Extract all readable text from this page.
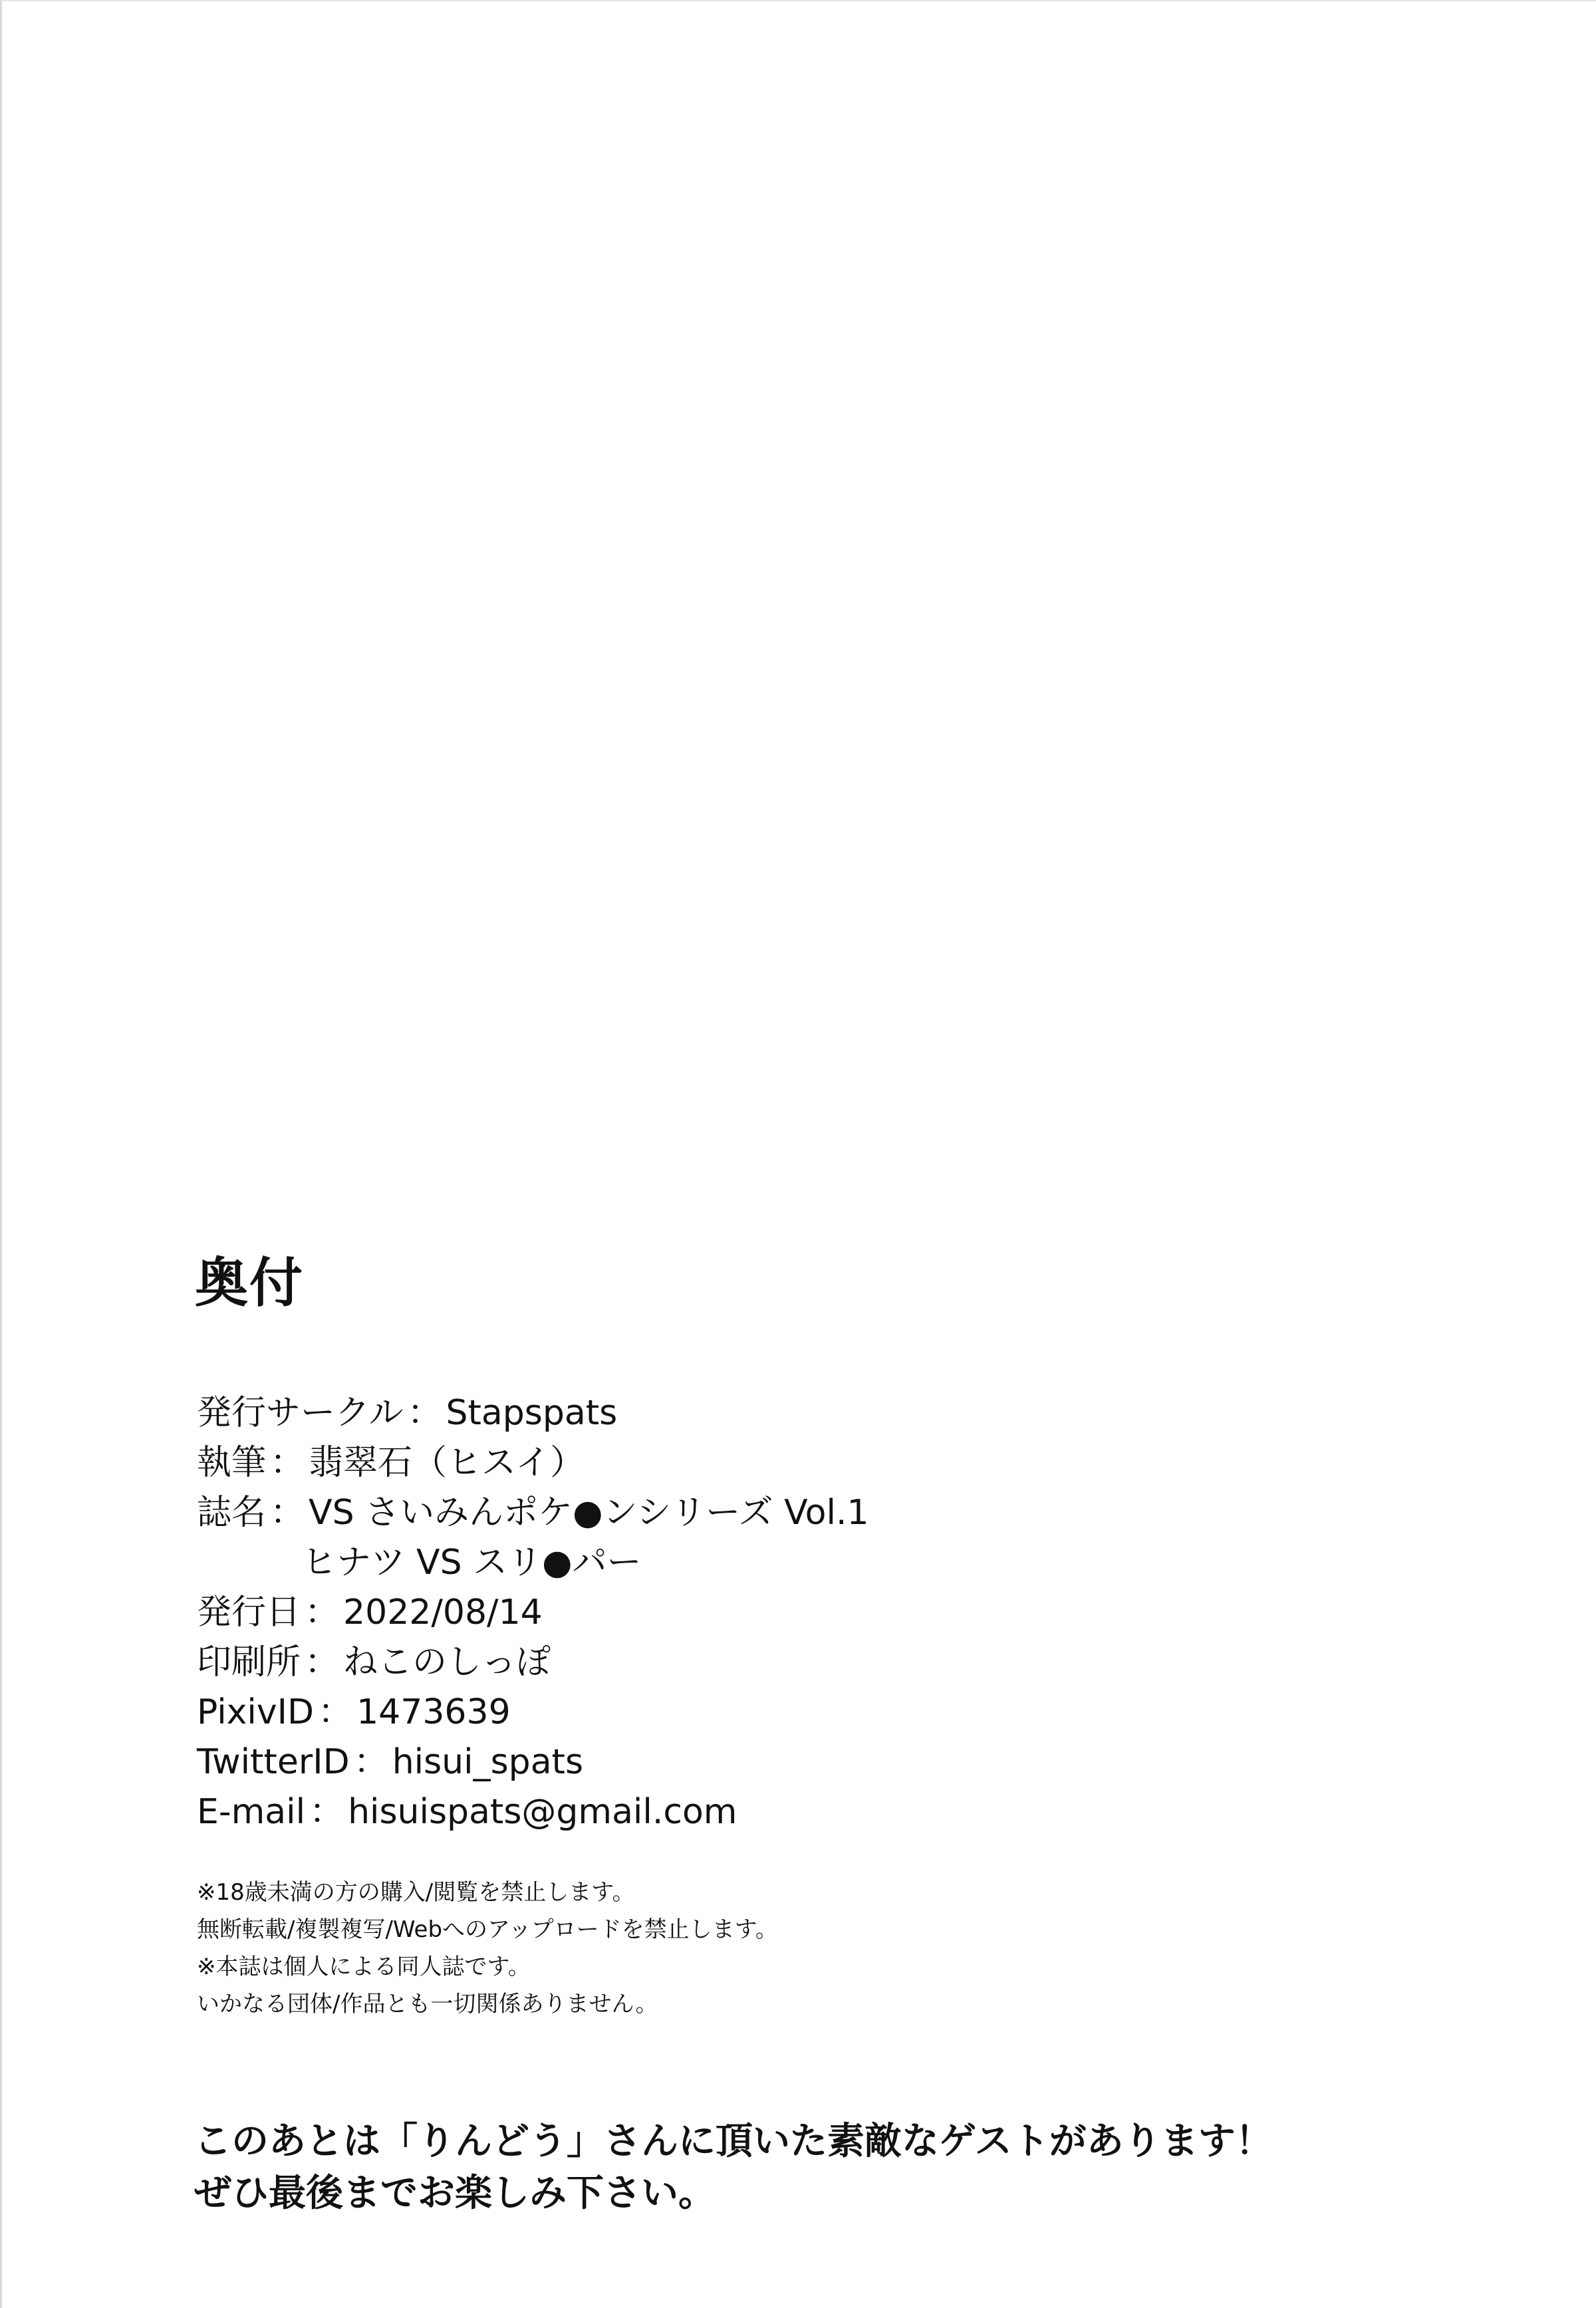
奥付
発行サークル ： Stapspats
執筆 ： 翡翠石（ヒスイ）
誌名 ： VS さいみんポケ●ンシリーズ Vol.1
ヒナツ VS スリ●パー
発行日 ： 2022/08/14
印刷所 ： ねこのしっぽ
PixivID ： 1473639
TwitterID ： hisui_spats
E-mail ： hisuispats@gmail.com
※18歳未満の方の購入/閲覧を禁止します。
無断転載/複製複写/Webへのアップロードを禁止します。
※本誌は個人による同人誌です。
いかなる団体/作品とも一切関係ありません。
このあとは「りんどう」さんに頂いた素敵なゲストがあります！
ぜひ最後までお楽しみ下さい。
